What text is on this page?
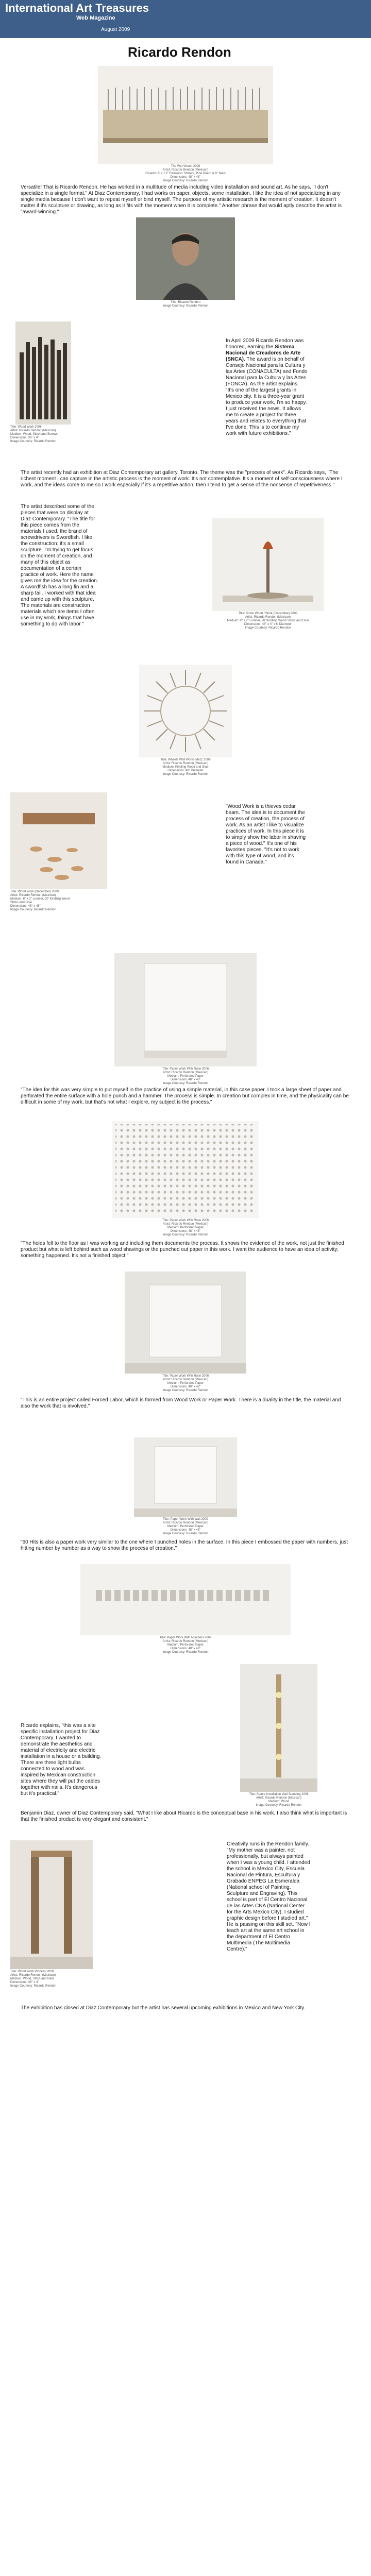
International Art Treasures
Web Magazine
August 2009
Ricardo Rendon
The Wet Wood, 2008
Artist: Ricardo Rendon (Mexican)
Ricardo: 8' x 1'2" Redwood Timbers, Pine Board & 8" Nails
Dimensions: 48" x 48"
Image Courtesy: Ricardo Rendon
Versatile! That is Ricardo Rendon. He has worked in a multitude of media including video installation and sound art. As he says, "I don't specialize in a single format." At Diaz Contemporary, I had works on paper, objects, some installation. I like the idea of not specializing in any single media because I don't want to repeat myself or bind myself. The purpose of my artistic research is the moment of creation. It doesn't matter if it's sculpture or drawing, as long as it fits with the moment when it is complete." Another phrase that would aptly describe the artist is "award-winning."
Title: Ricardo Rendon
Image Courtesy: Ricardo Rendon
Title: Wood Work 2006
Artist: Ricardo Rendon (Mexican)
Medium: Wood, Stitch and Screws
Dimensions: 36" x 4"
Image Courtesy: Ricardo Rendon
In April 2009 Ricardo Rendon was honored, earning the Sistema Nacional de Creadores de Arte (SNCA). The award is on behalf of Consejo Nacional para la Cultura y las Artes (CONACULTA) and Fondo Nacional para la Cultura y las Artes (FONCA). As the artist explains, "It's one of the largest grants in Mexico city. It is a three-year grant to produce your work, I'm so happy. I just received the news. It allows me to create a project for three years and relates to everything that I've done. This is to continue my work with future exhibitions."
The artist recently had an exhibition at Diaz Contemporary art gallery, Toronto. The theme was the "process of work". As Ricardo says, "The richest moment I can capture in the artistic process is the moment of work. It's not contemplative. It's a moment of self-consciousness where I work, and the ideas come to me so I work especially if it's a repetitive action, then I tend to get a sense of the nonsense of repetitiveness."
The artist described some of the pieces that were on display at Diaz Contemporary. "The title for this piece comes from the materials I used, the brand of screwdrivers is Swordfish. I like the construction; it's a small sculpture. I'm trying to get focus on the moment of creation, and many of this object as documentation of a certain practice of work. Here the name gives me the idea for the creation. A swordfish has a long fin and a sharp tail. I worked with that idea and came up with this sculpture. The materials are construction materials which are items I often use in my work, things that have something to do with labor."
Title: Some Wood / Work (December) 2009
Artist: Ricardo Rendon (Mexican)
Medium: 8" x 2" Lumber, 20' Kindling Wood Sticks and Glue
Dimensions: 48" x 4" x 6' Diameter
Image Courtesy: Ricardo Rendon
Title: Wheels Wall Works Mezz 2009
Artist: Ricardo Rendon (Mexican)
Medium: Kindling Wood and Glue
Dimensions: 48" Diameter
Image Courtesy: Ricardo Rendon
Title: Wood Work (December) 2009
Artist: Ricardo Rendon (Mexican)
Medium: 8" x 2" Lumber, 20' Kindling Wood
Sticks and Glue
Dimensions: 48" x 48"
Image Courtesy: Ricardo Rendon
"Wood Work is a thieves cedar beam. The idea is to document the process of creation, the process of work. As an artist I like to visualize practices of work. In this piece it is to simply show the labor in shaving a piece of wood." It's one of his favorites pieces. "It's not to work with this type of wood, and it's found in Canada."
Title: Paper Work With Rose 2006
Artist: Ricardo Rendon (Mexican)
Medium: Perforated Paper
Dimensions: 48" x 48"
Image Courtesy: Ricardo Rendon
"The idea for this was very simple to put myself in the practice of using a simple material, in this case paper. I took a large sheet of paper and perforated the entire surface with a hole punch and a hammer. The process is simple. In creation but complex in time, and the physicality can be difficult in some of my work, but that's not what I explore, my subject is the process."
Title: Paper Work With Rose 2006
Artist: Ricardo Rendon (Mexican)
Medium: Perforated Paper
Dimensions: 48" x 48"
Image Courtesy: Ricardo Rendon
"The holes fell to the floor as I was working and including them documents the process. It shows the evidence of the work, not just the finished product but what is left behind such as wood shavings or the punched out paper in this work. I want the audience to have an idea of activity; something happened. It's not a finished object."
Title: Paper Work With Rose 2006
Artist: Ricardo Rendon (Mexican)
Medium: Perforated Paper
Dimensions: 48" x 48"
Image Courtesy: Ricardo Rendon
"This is an entire project called Forced Labor, which is formed from Wood Work or Paper Work. There is a duality in the title, the material and also the work that is involved."
Title: Paper Work With Wall 2009
Artist: Ricardo Rendon (Mexican)
Medium: Perforated Paper
Dimensions: 48" x 48"
Image Courtesy: Ricardo Rendon
"60 Hits is also a paper work very similar to the one where I punched holes in the surface. In this piece I embossed the paper with numbers, just hitting number by number as a way to show the process of creation."
Title: Paper Work With Numbers 2009
Artist: Ricardo Rendon (Mexican)
Medium: Perforated Paper
Dimensions: 48" x 48"
Image Courtesy: Ricardo Rendon
Title: Space Installation Wall Standing 2008
Artist: Ricardo Rendon (Mexican)
Medium: Wood
Image Courtesy: Ricardo Rendon
Ricardo explains, "this was a site specific installation project for Diaz Contemporary. I wanted to demonstrate the aesthetics and material of electricity and electric installation in a house or a building. There are three light bulbs connected to wood and was inspired by Mexican construction sites where they will put the cables together with nails. It's dangerous but it's practical."
Benjamin Diaz, owner of Diaz Contemporary said, "What I like about Ricardo is the conceptual base in his work. I also think what is important is that the finished product is very elegant and consistent."
Title: Wood Work Process 2008
Artist: Ricardo Rendon (Mexican)
Medium: Wood, Stitch and Nails
Dimensions: 36" x 4"
Image Courtesy: Ricardo Rendon
Creativity runs in the Rendon family. "My mother was a painter, not professionally, but always painted when I was a young child. I attended the school in Mexico City, Escuela Nacional de Pintura, Escultura y Grabado ENPEG La Esmeralda (National school of Painting, Sculpture and Engraving). This school is part of El Centro Nacional de las Artes CNA (National Center for the Arts Mexico City). I studied graphic design before I studied art." He is passing on this skill set. "Now I teach art at the same art school in the department of El Centro Multimedia (The Multimedia Centre)."
The exhibition has closed at Diaz Contemporary but the artist has several upcoming exhibitions in Mexico and New York City.
